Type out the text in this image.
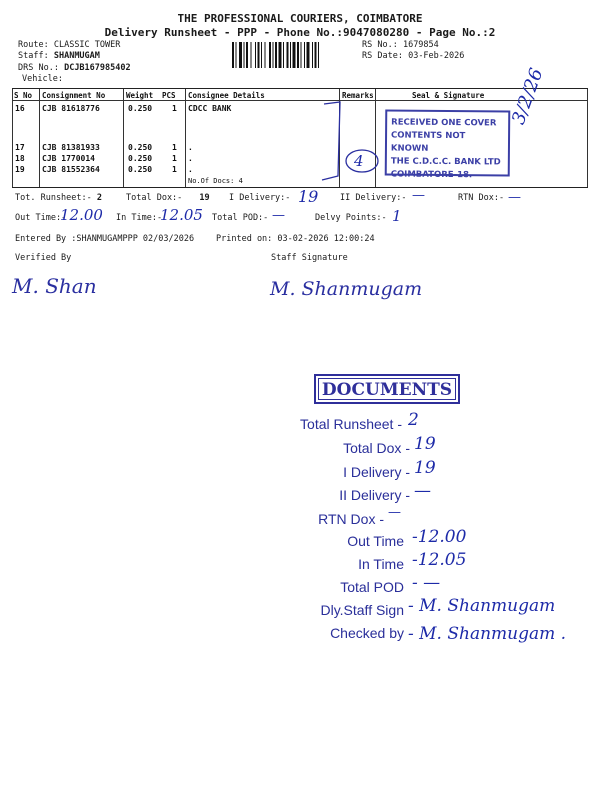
THE PROFESSIONAL COURIERS, COIMBATORE
Delivery Runsheet - PPP - Phone No.:9047080280 - Page No.:2
Route: CLASSIC TOWER
Staff: SHANMUGAM
DRS No.: DCJB167985402
Vehicle:
RS No.: 1679854
RS Date: 03-Feb-2026
S No Consignment No	Weight PCS Consignee Details	Remarks	Seal & Signature
16 CJB 81618776	0.250 1 CDCC BANK
17 CJB 81381933	0.250 1 .
18 CJB 1770014	0.250 1 .
19 CJB 81552364	0.250 1 .
No.Of Docs: 4
4
RECEIVED ONE COVER
CONTENTS NOT KNOWN
THE C.D.C.C. BANK LTD
COIMBATORE-18.
3/2/26
Tot. Runsheet:- 2	Total Dox:- 19 I Delivery:- 19	II Delivery:- —	RTN Dox:- —
Out Time:-
12.00 In Time:-
12.05 Total POD:- —	Delvy Points:- 1
Entered By :SHANMUGAMPPP 02/03/2026	Printed on: 03-02-2026 12:00:24
Verified By
M. Shan
Staff Signature
M. Shanmugam
DOCUMENTS
Total Runsheet - 2
Total Dox - 19
I Delivery - 19
II Delivery - —
RTN Dox - —
Out Time -12.00
In Time -12.05
Total POD - —
Dly.Staff Sign - M. Shanmugam
Checked by - M. Shanmugam .
